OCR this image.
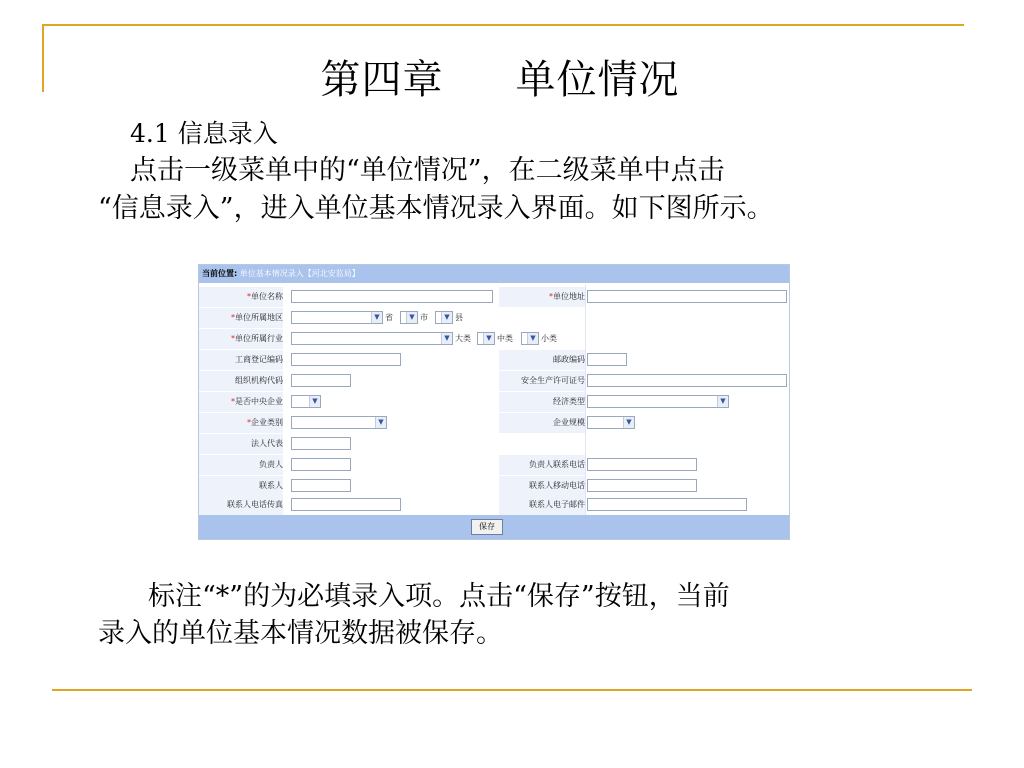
第四章 单位情况
4.1 信息录入
点击一级菜单中的“单位情况”，在二级菜单中点击
“信息录入”，进入单位基本情况录入界面。如下图所示。
当前位置: 单位基本情况录入【河北安监局】
*单位名称	*单位地址
*单位所属地区	▼ 省	▼ 市	▼ 县
*单位所属行业	▼ 大类	▼ 中类	▼ 小类
工商登记编码	邮政编码
组织机构代码	安全生产许可证号
*是否中央企业	▼	经济类型	▼
*企业类别	▼	企业规模	▼
法人代表
负责人	负责人联系电话
联系人	联系人移动电话
联系人电话传真	联系人电子邮件
保存
标注“*”的为必填录入项。点击“保存”按钮，当前
录入的单位基本情况数据被保存。
